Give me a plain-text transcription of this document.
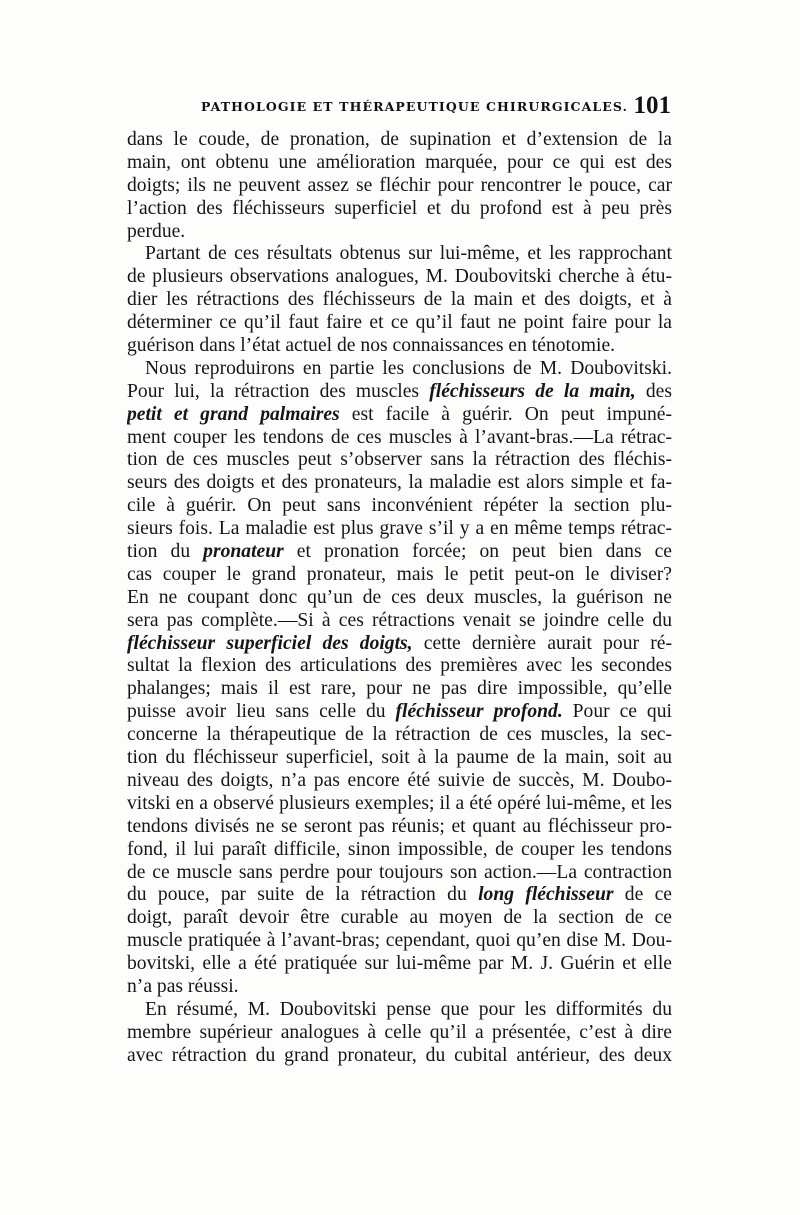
PATHOLOGIE ET THÉRAPEUTIQUE CHIRURGICALES. 101
dans le coude, de pronation, de supination et d’extension de la
main, ont obtenu une amélioration marquée, pour ce qui est des
doigts; ils ne peuvent assez se fléchir pour rencontrer le pouce, car
l’action des fléchisseurs superficiel et du profond est à peu près
perdue.
Partant de ces résultats obtenus sur lui-même, et les rapprochant
de plusieurs observations analogues, M. Doubovitski cherche à étu-
dier les rétractions des fléchisseurs de la main et des doigts, et à
déterminer ce qu’il faut faire et ce qu’il faut ne point faire pour la
guérison dans l’état actuel de nos connaissances en ténotomie.
Nous reproduirons en partie les conclusions de M. Doubovitski.
Pour lui, la rétraction des muscles fléchisseurs de la main, des
petit et grand palmaires est facile à guérir. On peut impuné-
ment couper les tendons de ces muscles à l’avant-bras.—La rétrac-
tion de ces muscles peut s’observer sans la rétraction des fléchis-
seurs des doigts et des pronateurs, la maladie est alors simple et fa-
cile à guérir. On peut sans inconvénient répéter la section plu-
sieurs fois. La maladie est plus grave s’il y a en même temps rétrac-
tion du pronateur et pronation forcée; on peut bien dans ce
cas couper le grand pronateur, mais le petit peut-on le diviser?
En ne coupant donc qu’un de ces deux muscles, la guérison ne
sera pas complète.—Si à ces rétractions venait se joindre celle du
fléchisseur superficiel des doigts, cette dernière aurait pour ré-
sultat la flexion des articulations des premières avec les secondes
phalanges; mais il est rare, pour ne pas dire impossible, qu’elle
puisse avoir lieu sans celle du fléchisseur profond. Pour ce qui
concerne la thérapeutique de la rétraction de ces muscles, la sec-
tion du fléchisseur superficiel, soit à la paume de la main, soit au
niveau des doigts, n’a pas encore été suivie de succès, M. Doubo-
vitski en a observé plusieurs exemples; il a été opéré lui-même, et les
tendons divisés ne se seront pas réunis; et quant au fléchisseur pro-
fond, il lui paraît difficile, sinon impossible, de couper les tendons
de ce muscle sans perdre pour toujours son action.—La contraction
du pouce, par suite de la rétraction du long fléchisseur de ce
doigt, paraît devoir être curable au moyen de la section de ce
muscle pratiquée à l’avant-bras; cependant, quoi qu’en dise M. Dou-
bovitski, elle a été pratiquée sur lui-même par M. J. Guérin et elle
n’a pas réussi.
En résumé, M. Doubovitski pense que pour les difformités du
membre supérieur analogues à celle qu’il a présentée, c’est à dire
avec rétraction du grand pronateur, du cubital antérieur, des deux
